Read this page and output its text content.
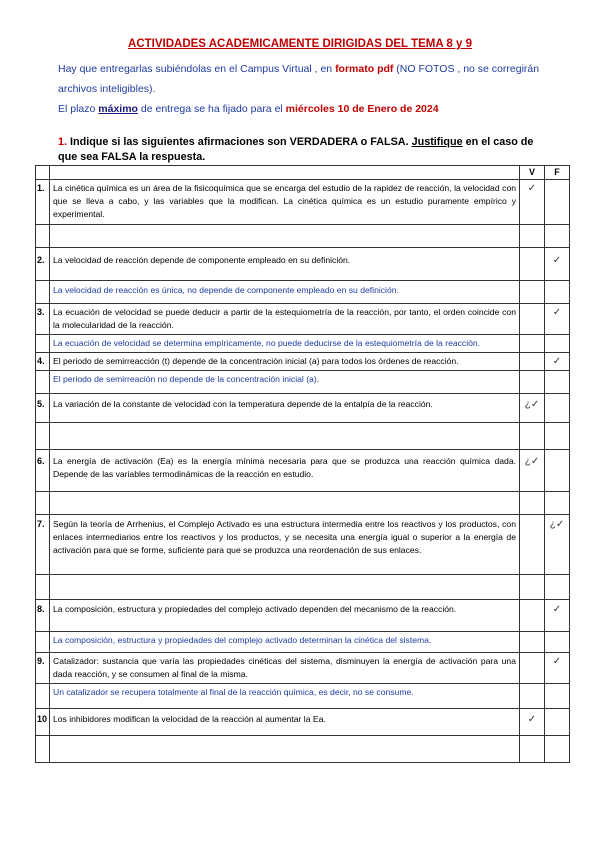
ACTIVIDADES ACADEMICAMENTE DIRIGIDAS DEL TEMA 8 y 9
Hay que entregarlas subiéndolas en el Campus Virtual , en formato pdf (NO FOTOS , no se corregirán
archivos inteligibles).
El plazo máximo de entrega se ha fijado para el miércoles 10 de Enero de 2024
1. Indique si las siguientes afirmaciones son VERDADERA o FALSA. Justifique en el caso de que sea FALSA la respuesta.
		V	F
1.	La cinética química es un área de la fisicoquímica que se encarga del estudio de la rapidez de reacción, la velocidad con que se lleva a cabo, y las variables que la modifican. La cinética química es un estudio puramente empírico y experimental.	✓	

2.	La velocidad de reacción depende de componente empleado en su definición.		✓
	La velocidad de reacción es única, no depende de componente empleado en su definición.		
3.	La ecuación de velocidad se puede deducir a partir de la estequiometría de la reacción, por tanto, el orden coincide con la molecularidad de la reacción.		✓
	La ecuación de velocidad se determina empíricamente, no puede deducirse de la estequiometría de la reacción.		
4.	El periodo de semirreacción (t) depende de la concentración inicial (a) para todos los órdenes de reacción.		✓
	El periodo de semirreación no depende de la concentración inicial (a).		
5.	La variación de la constante de velocidad con la temperatura depende de la entalpía de la reacción.	¿✓	

6.	La energía de activación (Ea) es la energía mínima necesaria para que se produzca una reacción química dada. Depende de las variables termodinámicas de la reacción en estudio.	¿✓	

7.	Según la teoría de Arrhenius, el Complejo Activado es una estructura intermedia entre los reactivos y los productos, con enlaces intermediarios entre los reactivos y los productos, y se necesita una energía igual o superior a la energía de activación para que se forme, suficiente para que se produzca una reordenación de sus enlaces.		¿✓

8.	La composición, estructura y propiedades del complejo activado dependen del mecanismo de la reacción.		✓
	La composición, estructura y propiedades del complejo activado determinan la cinética del sistema.		
9.	Catalizador: sustancia que varía las propiedades cinéticas del sistema, disminuyen la energía de activación para una dada reacción, y se consumen al final de la misma.		✓
	Un catalizador se recupera totalmente al final de la reacción química, es decir, no se consume.		
10	Los inhibidores modifican la velocidad de la reacción al aumentar la Ea.	✓	
